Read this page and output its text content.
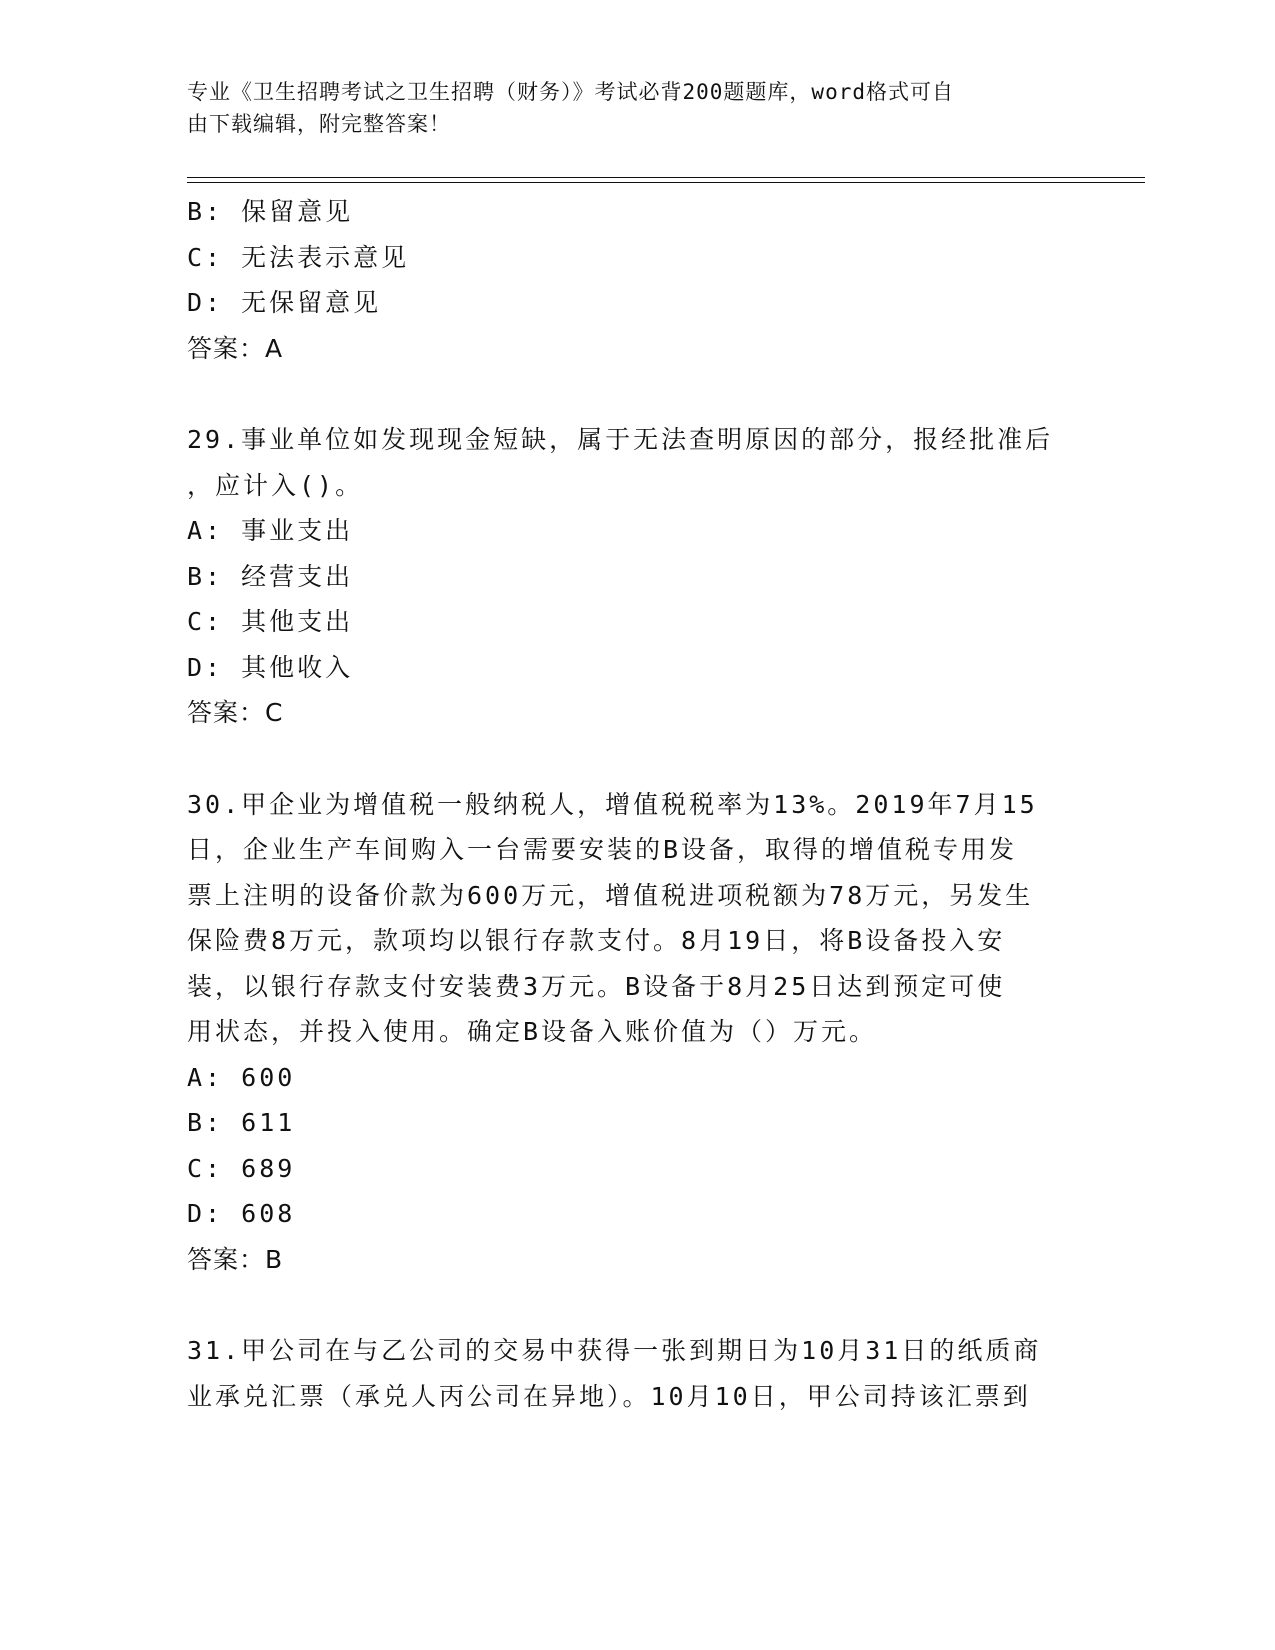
专业《卫生招聘考试之卫生招聘（财务）》考试必背200题题库，word格式可自
由下载编辑，附完整答案！
B: 保留意见
C: 无法表示意见
D: 无保留意见
答案：A
29.事业单位如发现现金短缺，属于无法查明原因的部分，报经批准后
，应计入()。
A: 事业支出
B: 经营支出
C: 其他支出
D: 其他收入
答案：C
30.甲企业为增值税一般纳税人，增值税税率为13%。2019年7月15
日，企业生产车间购入一台需要安装的B设备，取得的增值税专用发
票上注明的设备价款为600万元，增值税进项税额为78万元，另发生
保险费8万元，款项均以银行存款支付。8月19日，将B设备投入安
装，以银行存款支付安装费3万元。B设备于8月25日达到预定可使
用状态，并投入使用。确定B设备入账价值为（）万元。
A: 600
B: 611
C: 689
D: 608
答案：B
31.甲公司在与乙公司的交易中获得一张到期日为10月31日的纸质商
业承兑汇票（承兑人丙公司在异地）。10月10日，甲公司持该汇票到
